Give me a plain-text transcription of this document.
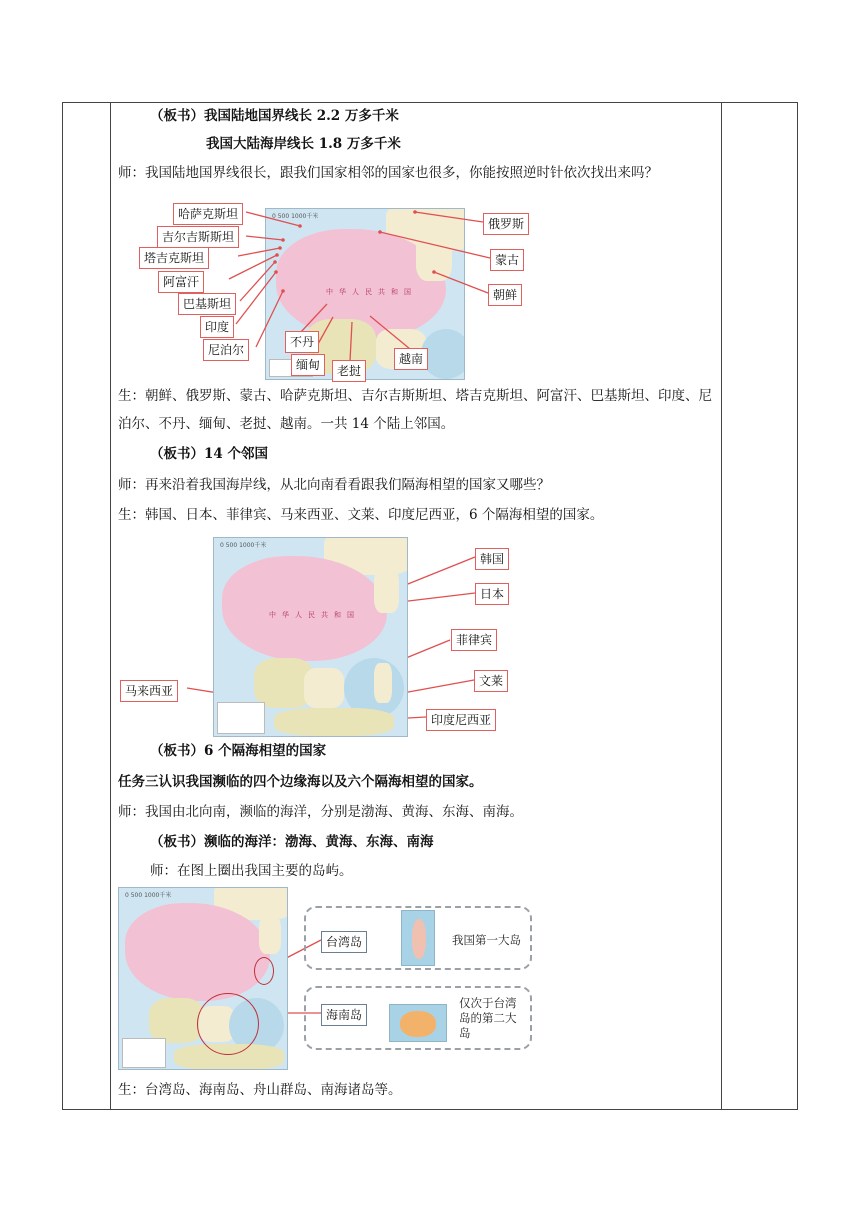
（板书）我国陆地国界线长 2.2 万多千米
我国大陆海岸线长 1.8 万多千米
师：我国陆地国界线很长，跟我们国家相邻的国家也很多，你能按照逆时针依次找出来吗？
0 500 1000千米
中华人民共和国
哈萨克斯坦
吉尔吉斯斯坦
塔吉克斯坦
阿富汗
巴基斯坦
印度
尼泊尔
不丹
缅甸	老挝
越南
俄罗斯
蒙古
朝鲜
生：朝鲜、俄罗斯、蒙古、哈萨克斯坦、吉尔吉斯斯坦、塔吉克斯坦、阿富汗、巴基斯坦、印度、尼泊尔、不丹、缅甸、老挝、越南。一共 14 个陆上邻国。
（板书）14 个邻国
师：再来沿着我国海岸线，从北向南看看跟我们隔海相望的国家又哪些？
生：韩国、日本、菲律宾、马来西亚、文莱、印度尼西亚，6 个隔海相望的国家。
0 500 1000千米
中华人民共和国
韩国
日本
菲律宾
文莱
印度尼西亚
马来西亚
（板书）6 个隔海相望的国家
任务三认识我国濒临的四个边缘海以及六个隔海相望的国家。
师：我国由北向南，濒临的海洋，分别是渤海、黄海、东海、南海。
（板书）濒临的海洋：渤海、黄海、东海、南海
师：在图上圈出我国主要的岛屿。
0 500 1000千米
台湾岛	我国第一大岛
海南岛
仅次于台湾
岛的第二大
岛
生：台湾岛、海南岛、舟山群岛、南海诸岛等。
